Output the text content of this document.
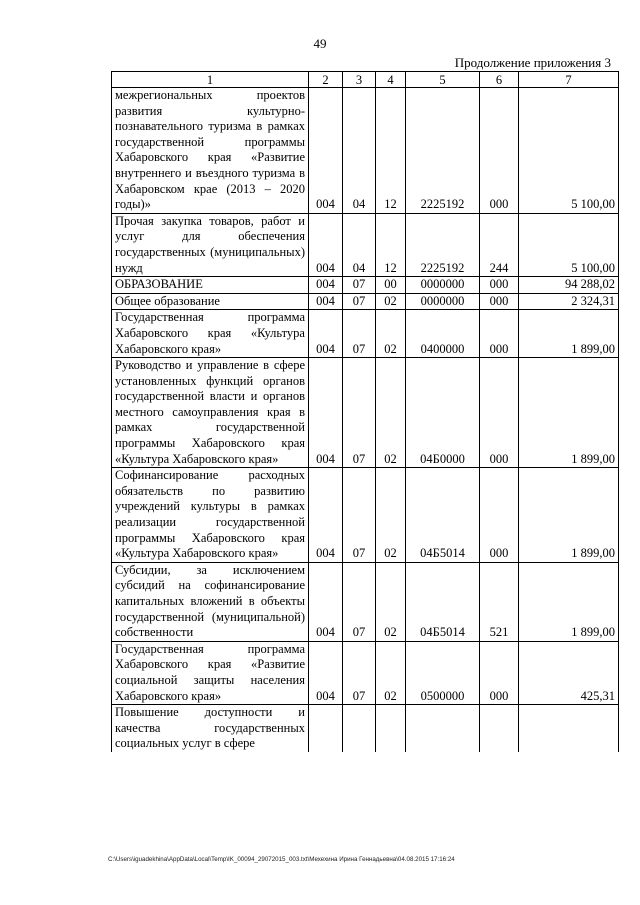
49
Продолжение приложения 3
1	2	3	4	5	6	7
межрегиональных проектов развития культурно-познавательного туризма в рамках государственной программы Хабаровского края «Развитие внутреннего и въездного туризма в Хабаровском крае (2013 – 2020 годы)»	004	04	12	2225192	000	5 100,00
Прочая закупка товаров, работ и услуг для обеспечения государственных (муниципальных) нужд	004	04	12	2225192	244	5 100,00
ОБРАЗОВАНИЕ	004	07	00	0000000	000	94 288,02
Общее образование	004	07	02	0000000	000	2 324,31
Государственная программа Хабаровского края «Культура Хабаровского края»	004	07	02	0400000	000	1 899,00
Руководство и управление в сфере установленных функций органов государственной власти и органов местного самоуправления края в рамках государственной программы Хабаровского края «Культура Хабаровского края»	004	07	02	04Б0000	000	1 899,00
Софинансирование расходных обязательств по развитию учреждений культуры в рамках реализации государственной программы Хабаровского края «Культура Хабаровского края»	004	07	02	04Б5014	000	1 899,00
Субсидии, за исключением субсидий на софинансирование капитальных вложений в объекты государственной (муниципальной) собственности	004	07	02	04Б5014	521	1 899,00
Государственная программа Хабаровского края «Развитие социальной защиты населения Хабаровского края»	004	07	02	0500000	000	425,31
Повышение доступности и качества государственных социальных услуг в сфере						
C:\Users\iguadekhina\AppData\Local\Temp\IK_00094_29072015_003.txt\Мехехина Ирина Геннадьевна\04.08.2015 17:16:24
